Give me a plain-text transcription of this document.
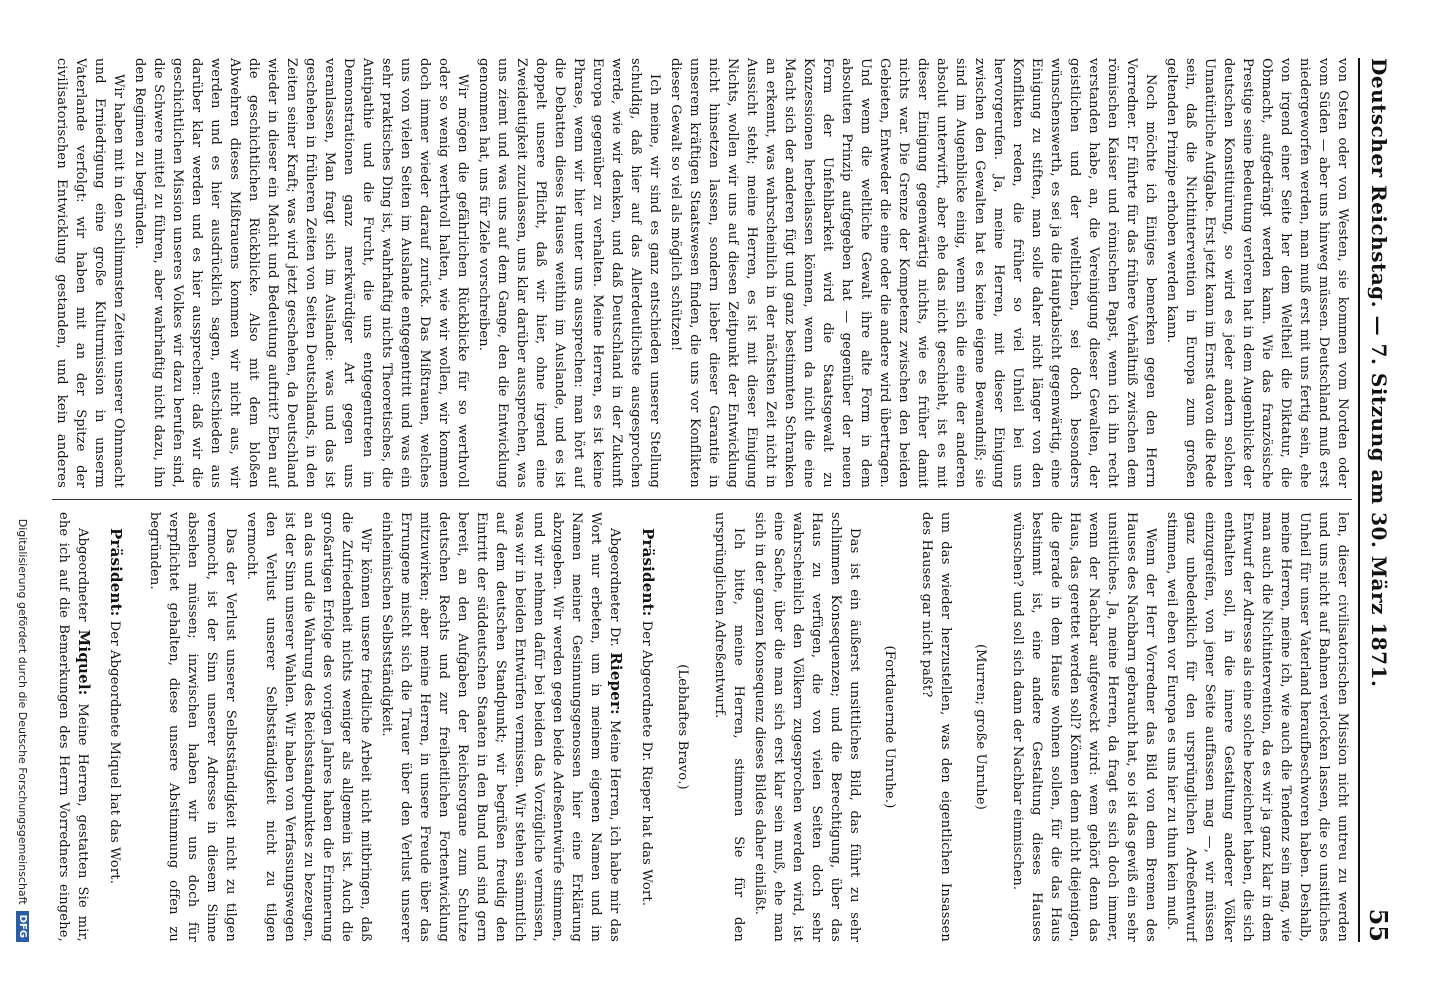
Deutscher Reichstag. — 7. Sitzung am 30. März 1871.
55

von Osten oder von Westen, sie kommen vom Norden oder vom Süden — aber uns hinweg müssen. Deutschland muß erst niedergeworfen werden, man muß erst mit uns fertig sein, ehe von irgend einer Seite her dem Weltheil die Diktatur, die Obmacht, aufgedrängt werden kann. Wie das französische Prestige seine Bedeutung verloren hat in dem Augenblicke der deutschen Konstituirung, so wird es jeder andern solchen Unnatürliche Aufgabe. Erst jetzt kann im Ernst davon die Rede sein, daß die Nichtintervention in Europa zum großen geltenden Prinzipe erhoben werden kann.

Noch möchte ich Einiges bemerken gegen den Herrn Vorredner. Er führte für das frühere Verhältniß zwischen dem römischen Kaiser und römischen Papst, wenn ich ihn recht verstanden habe, an, die Vereinigung dieser Gewalten, der geistlichen und der weltlichen, sei doch besonders wünschenswerth, es sei ja die Hauptabsicht gegenwärtig, eine Einigung zu stiften, man solle daher nicht länger von den Konflikten reden, die früher so viel Unheil bei uns hervorgerufen. Ja, meine Herren, mit dieser Einigung zwischen den Gewalten hat es keine eigene Bewandniß; sie sind im Augenblicke einig, wenn sich die eine der anderen absolut unterwirft, aber ehe das nicht geschieht, ist es mit dieser Einigung gegenwärtig nichts, wie es früher damit nichts war. Die Grenze der Kompetenz zwischen den beiden Gebieten, Entweder die eine oder die andere wird übertragen. Und wenn die weltliche Gewalt ihre alte Form in dem absoluten Prinzip aufgegeben hat — gegenüber der neuen Form der Unfehlbarkeit wird die Staatsgewalt zu Konzessionen herbeilassen können, wenn da nicht die eine Macht sich der anderen fügt und ganz bestimmten Schranken an erkennt, was wahrscheinlich in der nächsten Zeit nicht in Aussicht steht; meine Herren, es ist mit dieser Einigung Nichts, wollen wir uns auf diesen Zeitpunkt der Entwicklung nicht hinsetzen lassen, sondern lieber dieser Garantie in unserem kräftigen Staatswesen finden, die uns vor Konflikten dieser Gewalt so viel als möglich schützen!

Ich meine, wir sind es ganz entschieden unserer Stellung schuldig, daß hier auf das Allerdeutlichste ausgesprochen werde, wie wir denken, und daß Deutschland in der Zukunft Europa gegenüber zu verhalten. Meine Herren, es ist keine Phrase, wenn wir hier unter uns aussprechen: man hört auf die Debatten dieses Hauses weithin im Auslande, und es ist doppelt unsere Pflicht, daß wir hier, ohne irgend eine Zweideutigkeit zuzulassen, uns klar darüber aussprechen, was uns ziemt und was uns auf dem Gange, den die Entwicklung genommen hat, uns für Ziele vorschreiben.

Wir mögen die gefährlichen Rückblicke für so werthvoll oder so wenig werthvoll halten, wie wir wollen, wir kommen doch immer wieder darauf zurück. Das Mißtrauen, welches uns von vielen Seiten im Auslande entgegentritt und was ein sehr praktisches Ding ist, wahrhaftig nichts Theoretisches, die Antipathie und die Furcht, die uns entgegentreten im Demonstrationen ganz merkwürdiger Art gegen uns veranlassen, Man fragt sich im Auslande: was und das ist geschehen in früheren Zeiten von Seiten Deutschlands, in den Zeiten seiner Kraft; was wird jetzt geschehen, da Deutschland wieder in dieser ein Macht und Bedeutung auftritt? Eben auf die geschichtlichen Rückblicke. Also mit dem bloßen Abwehren dieses Mißtrauens kommen wir nicht aus, wir werden und es hier ausdrücklich sagen, entschieden aus darüber klar werden und es hier aussprechen: daß wir die geschichtlichen Mission unseres Volkes wir dazu berufen sind, die Schwere mittel zu führen, aber wahrhaftig nicht dazu, ihn den Regimen zu begründen.

Wir haben mit in den schlimmsten Zeiten unserer Ohnmacht und Erniedrigung eine große Kulturmission in unserm Vaterlande verfolgt: wir haben mit an der Spitze der civilisatorischen Entwicklung gestanden, und kein anderes

len, dieser civilisatorischen Mission nicht untreu zu werden und uns nicht auf Bahnen verlocken lassen, die so unsittliches Unheil für unser Vaterland heraufbeschworen haben. Deshalb, meine Herren, meine ich, wie auch die Tendenz sein mag, wie man auch die Nichtintervention, da es wir ja ganz klar in dem Entwurf der Adresse als eine solche bezeichnet haben, die sich enthalten soll, in die innere Gestaltung anderer Völker einzugreifen, von jener Seite auffassen mag —, wir müssen ganz unbedenklich für den ursprünglichen Adreßentwurf stimmen, weil eben vor Europa es uns hier zu thun kein muß.

Wenn der Herr Vorredner das Bild von dem Bremen des Hauses des Nachbarn gebraucht hat, so ist das gewiß ein sehr unsittliches. Ja, meine Herren, da fragt es sich doch immer, wenn der Nachbar aufgeweckt wird: wem gehört denn das Haus, das gerettet werden soll? Können denn nicht diejenigen, die gerade in dem Hause wohnen sollen, für die das Haus bestimmt ist, eine andere Gestaltung dieses Hauses wünschen? und soll sich dann der Nachbar einmischen.

(Murren; große Unruhe)

um das wieder herzustellen, was den eigentlichen Insassen des Hauses gar nicht paßt?

(Fortdauernde Unruhe.)

Das ist ein äußerst unsittliches Bild, das führt zu sehr schlimmen Konsequenzen; und die Berechtigung, über das Haus zu verfügen, die von vielen Seiten doch sehr wahrscheinlich den Völkern zugesprochen werden wird, ist eine Sache, über die man sich erst klar sein muß, ehe man sich in der ganzen Konsequenz dieses Bildes daher einläßt.

Ich bitte, meine Herren, stimmen Sie für den ursprünglichen Adreßentwurf.

(Lebhaftes Bravo.)

Präsident: Der Abgeordnete Dr. Rieper hat das Wort.

Abgeordneter Dr. Rieper: Meine Herren, ich habe mir das Wort nur erbeten, um in meinem eigenen Namen und im Namen meiner Gesinnungsgenossen hier eine Erklärung abzugeben. Wir werden gegen beide Adreßentwürfe stimmen, und wir nehmen dafür bei beiden das Vorzügliche vermissen, was wir in beiden Entwürfen vermissen. Wir stehen sämmtlich auf dem deutschen Standpunkt; wir begrüßen freudig den Eintritt der süddeutschen Staaten in den Bund und sind gern bereit, an den Aufgaben der Reichsorgane zum Schutze deutschen Rechts und zur freiheitlichen Fortentwicklung mitzuwirken; aber meine Herren, in unsere Freude über das Errungene mischt sich die Trauer über den Verlust unserer einheimischen Selbstständigkeit.

Wir können unsere friedliche Arbeit nicht mitbringen, daß die Zufriedenheit nichts weniger als allgemein ist. Auch die großartigen Erfolge des vorigen Jahres haben die Erinnerung an das und die Wahrung des Reichsstandpunktes zu bezeugen, ist der Sinn unserer Wahlen. Wir haben von Verfassungswegen den Verlust unserer Selbstständigkeit nicht zu tilgen vermocht.

Das der Verlust unserer Selbstständigkeit nicht zu tilgen vermocht, ist der Sinn unserer Adresse in diesem Sinne absehen müssen; inzwischen haben wir uns doch für verpflichtet gehalten, diese unsere Abstimmung offen zu begründen.

Präsident: Der Abgeordnete Miquel hat das Wort.

Abgeordneter Miquel: Meine Herren, gestatten Sie mir, ehe ich auf die Bemerkungen des Herrn Vorredners eingehe,

Digitalisierung gefördert durch die Deutsche Forschungsgemeinschaft
DFG
